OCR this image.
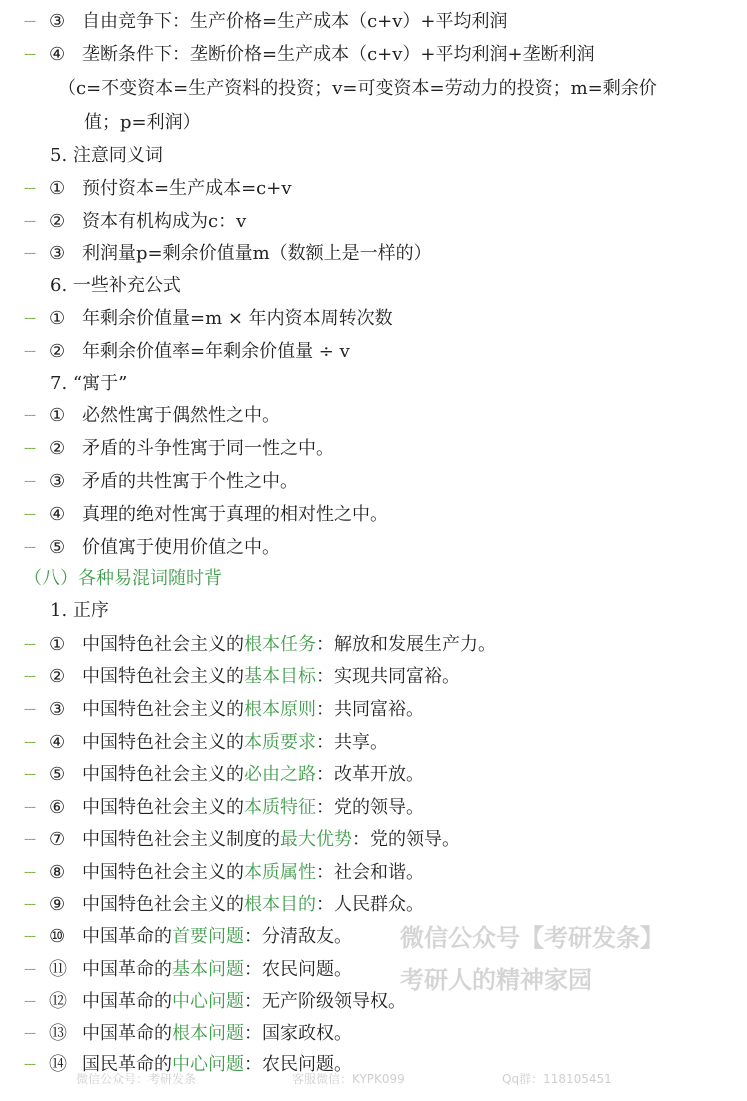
--- ③ 自由竞争下：生产价格=生产成本（c+v）+平均利润
--- ④ 垄断条件下：垄断价格=生产成本（c+v）+平均利润+垄断利润
（c=不变资本=生产资料的投资；v=可变资本=劳动力的投资；m=剩余价
值；p=利润）
5. 注意同义词
--- ① 预付资本=生产成本=c+v
--- ② 资本有机构成为c：v
--- ③ 利润量p=剩余价值量m（数额上是一样的）
6. 一些补充公式
--- ① 年剩余价值量=m × 年内资本周转次数
--- ② 年剩余价值率=年剩余价值量 ÷ v
7. “寓于”
--- ① 必然性寓于偶然性之中。
--- ② 矛盾的斗争性寓于同一性之中。
--- ③ 矛盾的共性寓于个性之中。
--- ④ 真理的绝对性寓于真理的相对性之中。
--- ⑤ 价值寓于使用价值之中。
（八）各种易混词随时背
1. 正序
--- ① 中国特色社会主义的根本任务：解放和发展生产力。
--- ② 中国特色社会主义的基本目标：实现共同富裕。
--- ③ 中国特色社会主义的根本原则：共同富裕。
--- ④ 中国特色社会主义的本质要求：共享。
--- ⑤ 中国特色社会主义的必由之路：改革开放。
--- ⑥ 中国特色社会主义的本质特征：党的领导。
--- ⑦ 中国特色社会主义制度的最大优势：党的领导。
--- ⑧ 中国特色社会主义的本质属性：社会和谐。
--- ⑨ 中国特色社会主义的根本目的：人民群众。
--- ⑩ 中国革命的首要问题：分清敌友。
--- ⑪ 中国革命的基本问题：农民问题。
--- ⑫ 中国革命的中心问题：无产阶级领导权。
--- ⑬ 中国革命的根本问题：国家政权。
--- ⑭ 国民革命的中心问题：农民问题。
微信公众号【考研发条】
考研人的精神家园
微信公众号：考研发条	客服微信：KYPK099	Qq群：118105451
